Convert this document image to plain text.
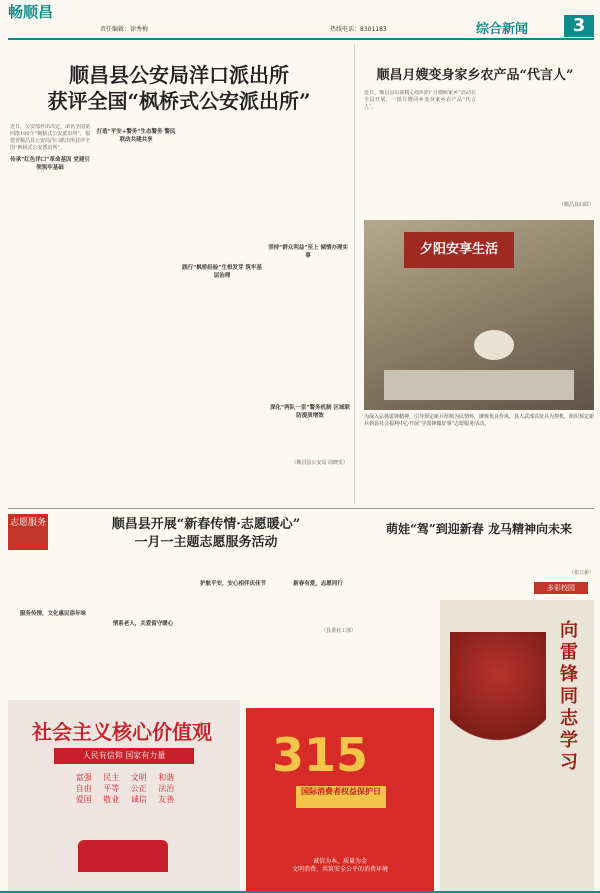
畅顺昌
责任编辑：徐秀梅	热线电话：8301183	综合新闻	3
顺昌县公安局洋口派出所
获评全国“枫桥式公安派出所”

近日，公安部作出决定，命名全国第四批100个“枫桥式公安派出所”，福建省顺昌县公安局洋口派出所获评全国“枫桥式公安派出所”。

传承“红色洋口”革命基因 党建引领筑牢基础
打造“平安+警务”生态警务 警民联动共建共享
践行“枫桥经验”生根发芽 筑牢基层治理
坚持“群众利益”至上 倾情办理实事
（顺昌县公安局 周晓雯）
顺昌月嫂变身家乡农产品“代言人”

近日，顺昌县妇联精心组织的“月嫂顾家乡”活动在全县开展，一批月嫂回乡变身家乡农产品“代言人”。

（顺昌县妇联）
深化“两队一室”警务机制 区域联防提质增效
夕阳安享生活
为深入弘扬雷锋精神，引导预定新兵厚植为民情怀，锤炼优良作风，县人武部以征兵为契机，组织预定新兵到县社会福利中心开展“学雷锋做好事”志愿服务活动。
志愿服务	顺昌县开展“新春传情·志愿暖心”
一月一主题志愿服务活动
服务传情，文化惠民添年味
情系老人，关爱留守暖心
护航平安，安心相伴庆佳节	新春有爱，志愿同行
（县委社工部）
萌娃“驾”到迎新春 龙马精神向未来
（张立新）
多彩校园
社会主义核心价值观
人民有信仰 国家有力量
富强	民主	文明	和谐
自由	平等	公正	法治
爱国	敬业	诚信	友善
315
国际消费者权益保护日
诚信为本，质量为金
文明消费，共筑安全公平的消费环境
向雷锋同志学习
